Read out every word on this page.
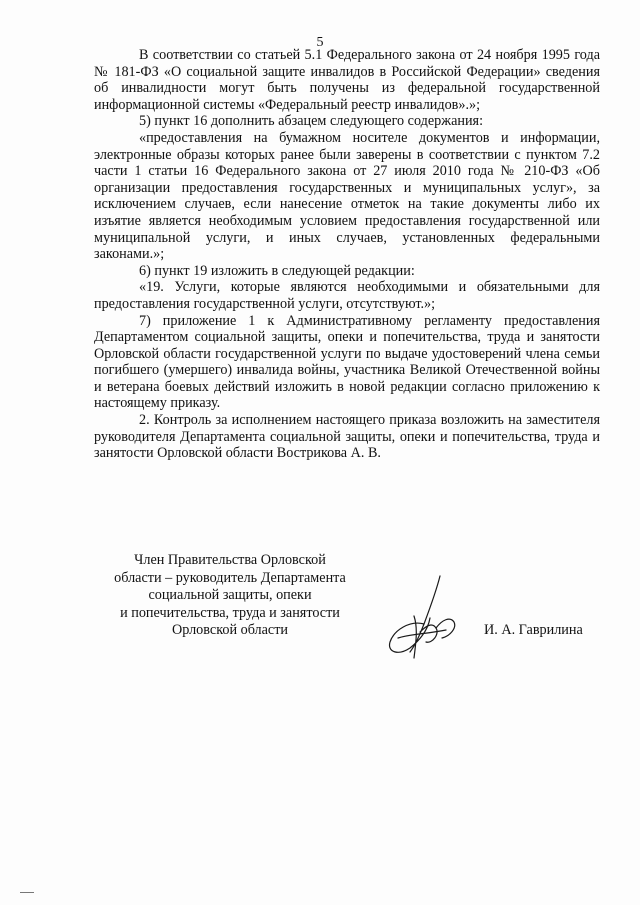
5

В соответствии со статьей 5.1 Федерального закона от 24 ноября 1995 года № 181-ФЗ «О социальной защите инвалидов в Российской Федерации» сведения об инвалидности могут быть получены из федеральной государственной информационной системы «Федеральный реестр инвалидов».»;

5) пункт 16 дополнить абзацем следующего содержания:

«предоставления на бумажном носителе документов и информации, электронные образы которых ранее были заверены в соответствии с пунктом 7.2 части 1 статьи 16 Федерального закона от 27 июля 2010 года № 210-ФЗ «Об организации предоставления государственных и муниципальных услуг», за исключением случаев, если нанесение отметок на такие документы либо их изъятие является необходимым условием предоставления государственной или муниципальной услуги, и иных случаев, установленных федеральными законами.»;

6) пункт 19 изложить в следующей редакции:

«19. Услуги, которые являются необходимыми и обязательными для предоставления государственной услуги, отсутствуют.»;

7) приложение 1 к Административному регламенту предоставления Департаментом социальной защиты, опеки и попечительства, труда и занятости Орловской области государственной услуги по выдаче удостоверений члена семьи погибшего (умершего) инвалида войны, участника Великой Отечественной войны и ветерана боевых действий изложить в новой редакции согласно приложению к настоящему приказу.

2. Контроль за исполнением настоящего приказа возложить на заместителя руководителя Департамента социальной защиты, опеки и попечительства, труда и занятости Орловской области Вострикова А. В.

Член Правительства Орловской
области – руководитель Департамента
социальной защиты, опеки
и попечительства, труда и занятости
Орловской области	И. А. Гаврилина
